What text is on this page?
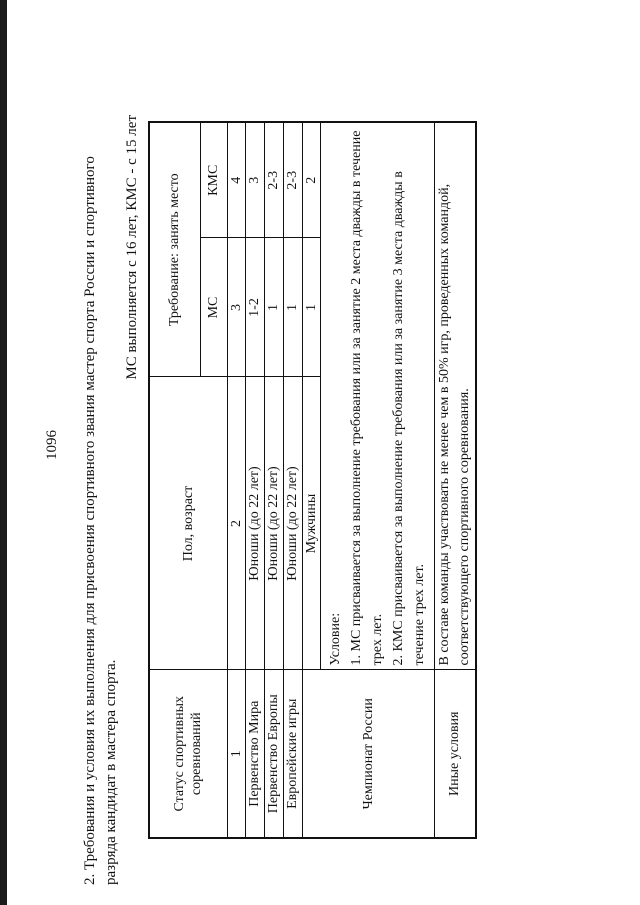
1096 2. Требования и условия их выполнения для присвоения спортивного звания мастер спорта России и спортивного разряда кандидат в мастера спорта.
МС выполняется с 16 лет, КМС - с 15 лет
Статус спортивных соревнований	Пол, возраст	Требование: занять место	
		МС	КМС
1	2	3	4
Первенство Мира	Юноши (до 22 лет)	1-2	3
Первенство Европы	Юноши (до 22 лет)	1	2-3
Европейские игры	Юноши (до 22 лет)	1	2-3
Чемпионат России	Мужчины	1	2

	Условие: 1. МС присваивается за выполнение требования или за занятие 2 места дважды в течение трех лет. 2. КМС присваивается за выполнение требования или за занятие 3 места дважды в течение трех лет.		

Иные условия	В составе команды участвовать не менее чем в 50% игр, проведенных командой, соответствующего спортивного соревнования.		
